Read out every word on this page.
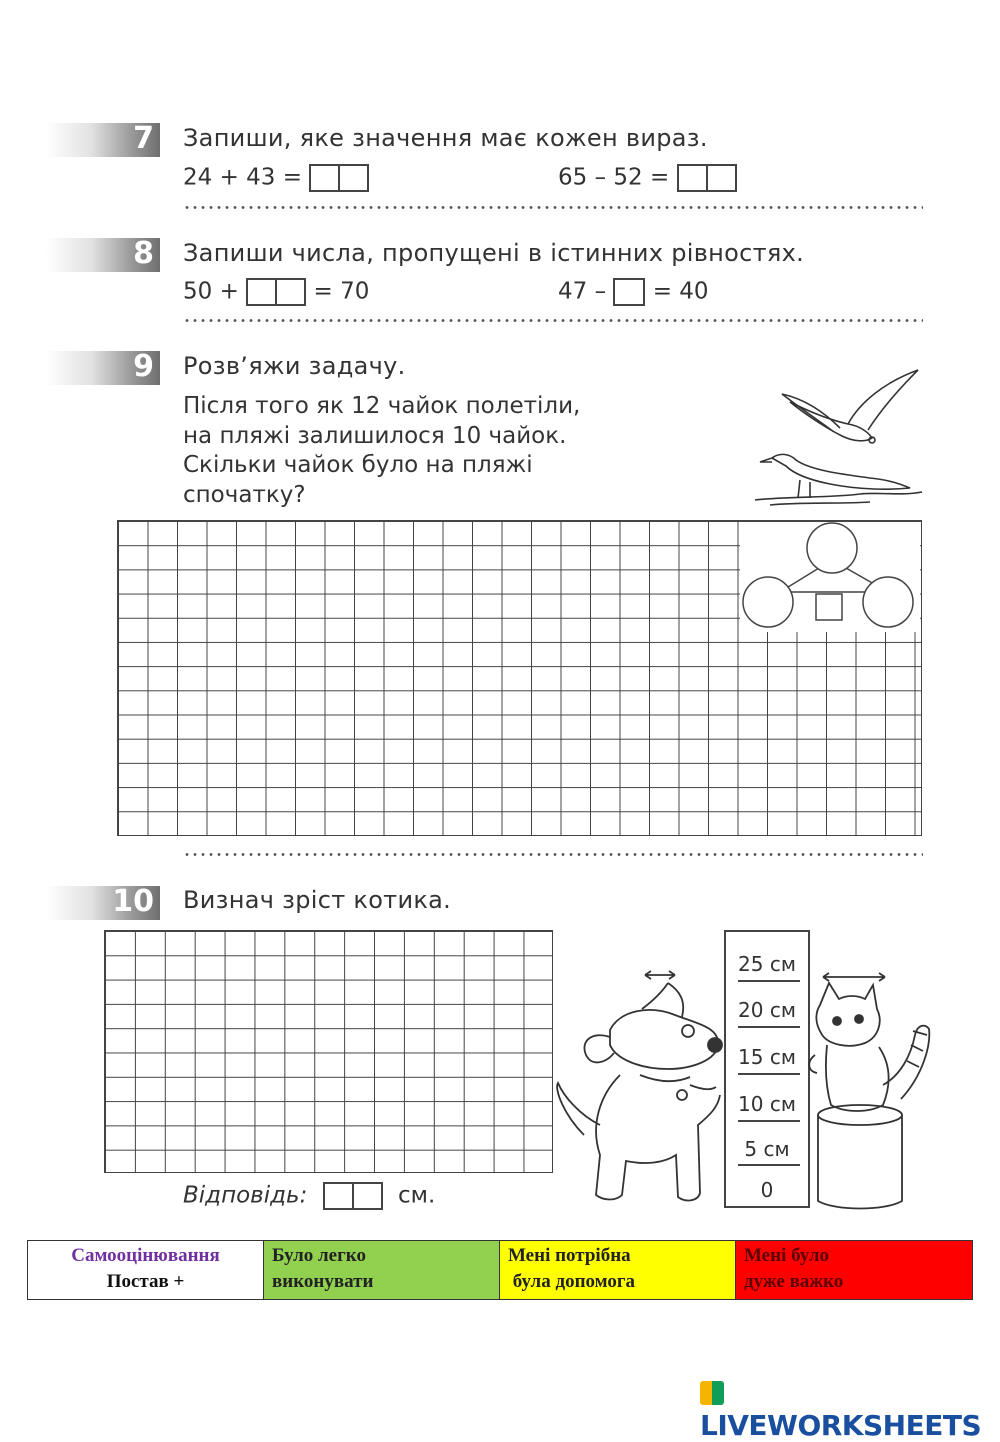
7 Запиши, яке значення має кожен вираз.
24 + 43 =	65 – 52 =
8 Запиши числа, пропущені в істинних рівностях.
50 +	= 70	47 – = 40
9 Розв’яжи задачу.
Після того як 12 чайок полетіли,
на пляжі залишилося 10 чайок.
Скільки чайок було на пляжі
спочатку?
10 Визнач зріст котика.
25 см
20 см
15 см
10 см
5 см
0
Відповідь:	см.
Самооцінювання
Постав +

Було легко
виконувати

Мені потрібна
була допомога

Мені було
дуже важко
LIVEWORKSHEETS
